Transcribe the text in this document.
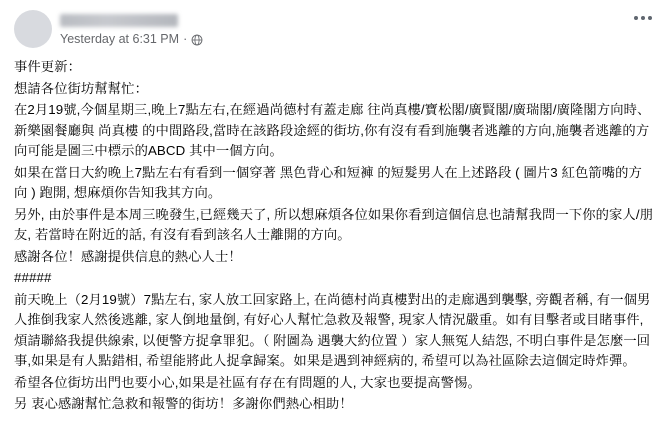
Yesterday at 6:31 PM ·

事件更新：

想請各位街坊幫幫忙：

在2月19號,今個星期三,晚上7點左右,在經過尚德村有蓋走廊 往尚真樓/寶松閣/廣賢閣/廣瑞閣/廣隆閣方向時、新樂園餐廳與 尚真樓 的中間路段,當時在該路段途經的街坊,你有沒有看到施襲者逃離的方向,施襲者逃離的方向可能是圖三中標示的ABCD 其中一個方向。

如果在當日大約晚上7點左右有看到一個穿著 黑色背心和短褲 的短髮男人在上述路段 ( 圖片3 紅色箭嘴的方向 ) 跑開, 想麻煩你告知我其方向。

另外, 由於事件是本周三晚發生,已經幾天了, 所以想麻煩各位如果你看到這個信息也請幫我問一下你的家人/朋友, 若當時在附近的話, 有沒有看到該名人士離開的方向。

感謝各位！感謝提供信息的熱心人士！

#####

前天晚上（2月19號）7點左右, 家人放工回家路上, 在尚德村尚真樓對出的走廊遇到襲擊, 旁觀者稱, 有一個男人推倒我家人然後逃離, 家人倒地量倒, 有好心人幫忙急救及報警, 現家人情況嚴重。如有目擊者或目睹事件, 煩請聯絡我提供線索, 以便警方捉拿罪犯。（ 附圖為 遇襲大約位置 ）家人無冤人結怨, 不明白事件是怎麼一回事,如果是有人點錯相, 希望能將此人捉拿歸案。如果是遇到神經病的, 希望可以為社區除去這個定時炸彈。

希望各位街坊出門也要小心,如果是社區有存在有問題的人, 大家也要提高警惕。

另 衷心感謝幫忙急救和報警的街坊！多謝你們熱心相助！
